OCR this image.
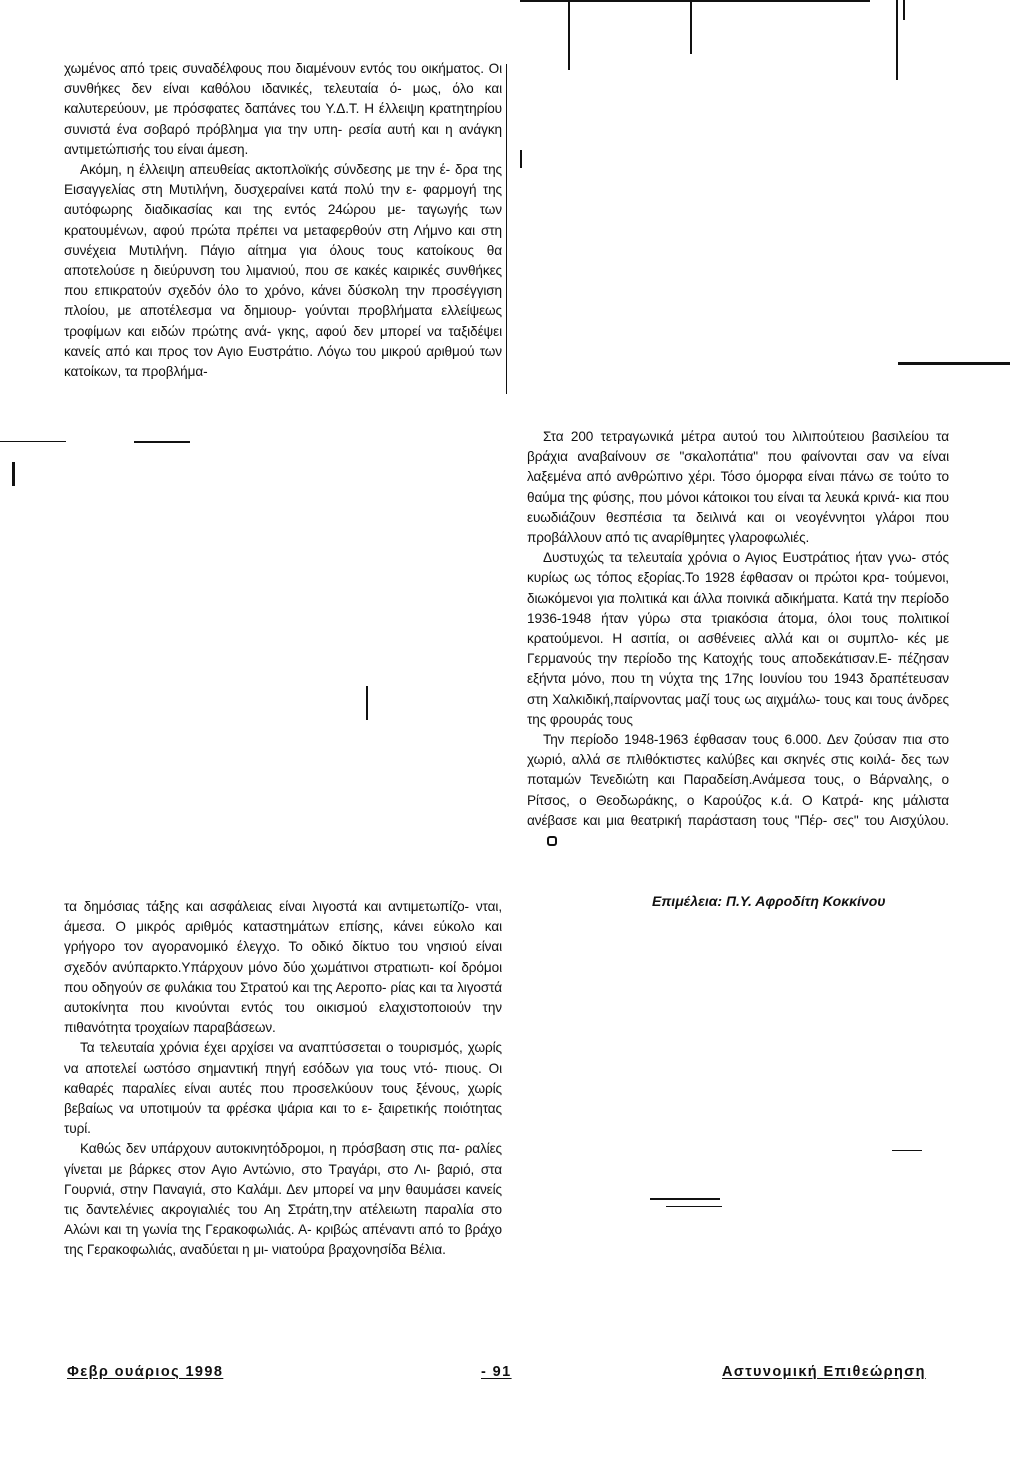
χωμένος από τρεις συναδέλφους που διαμένουν εντός του οικήματος. Οι συνθήκες δεν είναι καθόλου ιδανικές, τελευταία ό- μως, όλο και καλυτερεύουν, με πρόσφατες δαπάνες του Υ.Δ.Τ. Η έλλειψη κρατητηρίου συνιστά ένα σοβαρό πρόβλημα για την υπη- ρεσία αυτή και η ανάγκη αντιμετώπισής του είναι άμεση.

Ακόμη, η έλλειψη απευθείας ακτοπλοϊκής σύνδεσης με την έ- δρα της Εισαγγελίας στη Μυτιλήνη, δυσχεραίνει κατά πολύ την ε- φαρμογή της αυτόφωρης διαδικασίας και της εντός 24ώρου με- ταγωγής των κρατουμένων, αφού πρώτα πρέπει να μεταφερθούν στη Λήμνο και στη συνέχεια Μυτιλήνη. Πάγιο αίτημα για όλους τους κατοίκους θα αποτελούσε η διεύρυνση του λιμανιού, που σε κακές καιρικές συνθήκες που επικρατούν σχεδόν όλο το χρόνο, κάνει δύσκολη την προσέγγιση πλοίου, με αποτέλεσμα να δημιουρ- γούνται προβλήματα ελλείψεως τροφίμων και ειδών πρώτης ανά- γκης, αφού δεν μπορεί να ταξιδέψει κανείς από και προς τον Αγιο Ευστράτιο. Λόγω του μικρού αριθμού των κατοίκων, τα προβλήμα-

Στα 200 τετραγωνικά μέτρα αυτού του λιλιπούτειου βασιλείου τα βράχια αναβαίνουν σε "σκαλοπάτια" που φαίνονται σαν να είναι λαξεμένα από ανθρώπινο χέρι. Τόσο όμορφα είναι πάνω σε τούτο το θαύμα της φύσης, που μόνοι κάτοικοι του είναι τα λευκά κρινά- κια που ευωδιάζουν θεσπέσια τα δειλινά και οι νεογέννητοι γλάροι που προβάλλουν από τις αναρίθμητες γλαροφωλιές.

Δυστυχώς τα τελευταία χρόνια ο Αγιος Ευστράτιος ήταν γνω- στός κυρίως ως τόπος εξορίας.Το 1928 έφθασαν οι πρώτοι κρα- τούμενοι, διωκόμενοι για πολιτικά και άλλα ποινικά αδικήματα. Κατά την περίοδο 1936-1948 ήταν γύρω στα τριακόσια άτομα, όλοι τους πολιτικοί κρατούμενοι. Η ασιτία, οι ασθένειες αλλά και οι συμπλο- κές με Γερμανούς την περίοδο της Κατοχής τους αποδεκάτισαν.Ε- πέζησαν εξήντα μόνο, που τη νύχτα της 17ης Ιουνίου του 1943 δραπέτευσαν στη Χαλκιδική,παίρνοντας μαζί τους ως αιχμάλω- τους και τους άνδρες της φρουράς τους

Την περίοδο 1948-1963 έφθασαν τους 6.000. Δεν ζούσαν πια στο χωριό, αλλά σε πλιθόκτιστες καλύβες και σκηνές στις κοιλά- δες των ποταμών Τενεδιώτη και Παραδείση.Ανάμεσα τους, ο Βάρναλης, ο Ρίτσος, ο Θεοδωράκης, ο Καρούζος κ.ά. Ο Κατρά- κης μάλιστα ανέβασε και μια θεατρική παράσταση τους "Πέρ- σες" του Αισχύλου.

Επιμέλεια: Π.Υ. Αφροδίτη Κοκκίνου

τα δημόσιας τάξης και ασφάλειας είναι λιγοστά και αντιμετωπίζο- νται, άμεσα. Ο μικρός αριθμός καταστημάτων επίσης, κάνει εύκολο και γρήγορο τον αγορανομικό έλεγχο. Το οδικό δίκτυο του νησιού είναι σχεδόν ανύπαρκτο.Υπάρχουν μόνο δύο χωμάτινοι στρατιωτι- κοί δρόμοι που οδηγούν σε φυλάκια του Στρατού και της Αεροπο- ρίας και τα λιγοστά αυτοκίνητα που κινούνται εντός του οικισμού ελαχιστοποιούν την πιθανότητα τροχαίων παραβάσεων.

Τα τελευταία χρόνια έχει αρχίσει να αναπτύσσεται ο τουρισμός, χωρίς να αποτελεί ωστόσο σημαντική πηγή εσόδων για τους ντό- πιους. Οι καθαρές παραλίες είναι αυτές που προσελκύουν τους ξένους, χωρίς βεβαίως να υποτιμούν τα φρέσκα ψάρια και το ε- ξαιρετικής ποιότητας τυρί.

Καθώς δεν υπάρχουν αυτοκινητόδρομοι, η πρόσβαση στις πα- ραλίες γίνεται με βάρκες στον Αγιο Αντώνιο, στο Τραγάρι, στο Λι- βαριό, στα Γουρνιά, στην Παναγιά, στο Καλάμι. Δεν μπορεί να μην θαυμάσει κανείς τις δαντελένιες ακρογιαλιές του Αη Στράτη,την ατέλειωτη παραλία στο Αλώνι και τη γωνία της Γερακοφωλιάς. Α- κριβώς απέναντι από το βράχο της Γερακοφωλιάς, αναδύεται η μι- νιατούρα βραχονησίδα Βέλια.

Φεβρ ουάριος 1998	- 91	Αστυνομική Επιθεώρηση
